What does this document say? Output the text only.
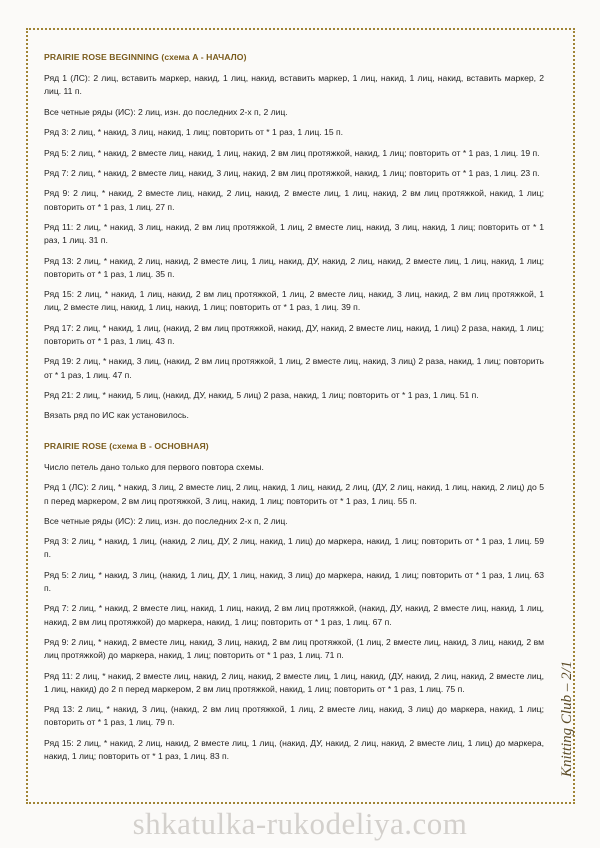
PRAIRIE ROSE BEGINNING (схема A - НАЧАЛО)
Ряд 1 (ЛС): 2 лиц, вставить маркер, накид, 1 лиц, накид, вставить маркер, 1 лиц, накид, 1 лиц, накид, вставить маркер, 2 лиц. 11 п.
Все четные ряды (ИС): 2 лиц, изн. до последних 2-х п, 2 лиц.
Ряд 3: 2 лиц, * накид, 3 лиц, накид, 1 лиц; повторить от * 1 раз, 1 лиц. 15 п.
Ряд 5: 2 лиц, * накид, 2 вместе лиц, накид, 1 лиц, накид, 2 вм лиц протяжкой, накид, 1 лиц; повторить от * 1 раз, 1 лиц. 19 п.
Ряд 7: 2 лиц, * накид, 2 вместе лиц, накид, 3 лиц, накид, 2 вм лиц протяжкой, накид, 1 лиц; повторить от * 1 раз, 1 лиц. 23 п.
Ряд 9: 2 лиц, * накид, 2 вместе лиц, накид, 2 лиц, накид, 2 вместе лиц, 1 лиц, накид, 2 вм лиц протяжкой, накид, 1 лиц; повторить от * 1 раз, 1 лиц. 27 п.
Ряд 11: 2 лиц, * накид, 3 лиц, накид, 2 вм лиц протяжкой, 1 лиц, 2 вместе лиц, накид, 3 лиц, накид, 1 лиц; повторить от * 1 раз, 1 лиц. 31 п.
Ряд 13: 2 лиц, * накид, 2 лиц, накид, 2 вместе лиц, 1 лиц, накид, ДУ, накид, 2 лиц, накид, 2 вместе лиц, 1 лиц, накид, 1 лиц; повторить от * 1 раз, 1 лиц. 35 п.
Ряд 15: 2 лиц, * накид, 1 лиц, накид, 2 вм лиц протяжкой, 1 лиц, 2 вместе лиц, накид, 3 лиц, накид, 2 вм лиц протяжкой, 1 лиц, 2 вместе лиц, накид, 1 лиц, накид, 1 лиц; повторить от * 1 раз, 1 лиц. 39 п.
Ряд 17: 2 лиц, * накид, 1 лиц, (накид, 2 вм лиц протяжкой, накид, ДУ, накид, 2 вместе лиц, накид, 1 лиц) 2 раза, накид, 1 лиц; повторить от * 1 раз, 1 лиц. 43 п.
Ряд 19: 2 лиц, * накид, 3 лиц, (накид, 2 вм лиц протяжкой, 1 лиц, 2 вместе лиц, накид, 3 лиц) 2 раза, накид, 1 лиц; повторить от * 1 раз, 1 лиц. 47 п.
Ряд 21: 2 лиц, * накид, 5 лиц, (накид, ДУ, накид, 5 лиц) 2 раза, накид, 1 лиц; повторить от * 1 раз, 1 лиц. 51 п.
Вязать ряд по ИС как установилось.
PRAIRIE ROSE (схема B - ОСНОВНАЯ)
Число петель дано только для первого повтора схемы.
Ряд 1 (ЛС): 2 лиц, * накид, 3 лиц, 2 вместе лиц, 2 лиц, накид, 1 лиц, накид, 2 лиц, (ДУ, 2 лиц, накид, 1 лиц, накид, 2 лиц) до 5 п перед маркером, 2 вм лиц протяжкой, 3 лиц, накид, 1 лиц; повторить от * 1 раз, 1 лиц. 55 п.
Все четные ряды (ИС): 2 лиц, изн. до последних 2-х п, 2 лиц.
Ряд 3: 2 лиц, * накид, 1 лиц, (накид, 2 лиц, ДУ, 2 лиц, накид, 1 лиц) до маркера, накид, 1 лиц; повторить от * 1 раз, 1 лиц. 59 п.
Ряд 5: 2 лиц, * накид, 3 лиц, (накид, 1 лиц, ДУ, 1 лиц, накид, 3 лиц) до маркера, накид, 1 лиц; повторить от * 1 раз, 1 лиц. 63 п.
Ряд 7: 2 лиц, * накид, 2 вместе лиц, накид, 1 лиц, накид, 2 вм лиц протяжкой, (накид, ДУ, накид, 2 вместе лиц, накид, 1 лиц, накид, 2 вм лиц протяжкой) до маркера, накид, 1 лиц; повторить от * 1 раз, 1 лиц. 67 п.
Ряд 9: 2 лиц, * накид, 2 вместе лиц, накид, 3 лиц, накид, 2 вм лиц протяжкой, (1 лиц, 2 вместе лиц, накид, 3 лиц, накид, 2 вм лиц протяжкой) до маркера, накид, 1 лиц; повторить от * 1 раз, 1 лиц. 71 п.
Ряд 11: 2 лиц, * накид, 2 вместе лиц, накид, 2 лиц, накид, 2 вместе лиц, 1 лиц, накид, (ДУ, накид, 2 лиц, накид, 2 вместе лиц, 1 лиц, накид) до 2 п перед маркером, 2 вм лиц протяжкой, накид, 1 лиц; повторить от * 1 раз, 1 лиц. 75 п.
Ряд 13: 2 лиц, * накид, 3 лиц, (накид, 2 вм лиц протяжкой, 1 лиц, 2 вместе лиц, накид, 3 лиц) до маркера, накид, 1 лиц; повторить от * 1 раз, 1 лиц. 79 п.
Ряд 15: 2 лиц, * накид, 2 лиц, накид, 2 вместе лиц, 1 лиц, (накид, ДУ, накид, 2 лиц, накид, 2 вместе лиц, 1 лиц) до маркера, накид, 1 лиц; повторить от * 1 раз, 1 лиц. 83 п.	Knitting Club – 2/1
shkatulka-rukodeliya.com
